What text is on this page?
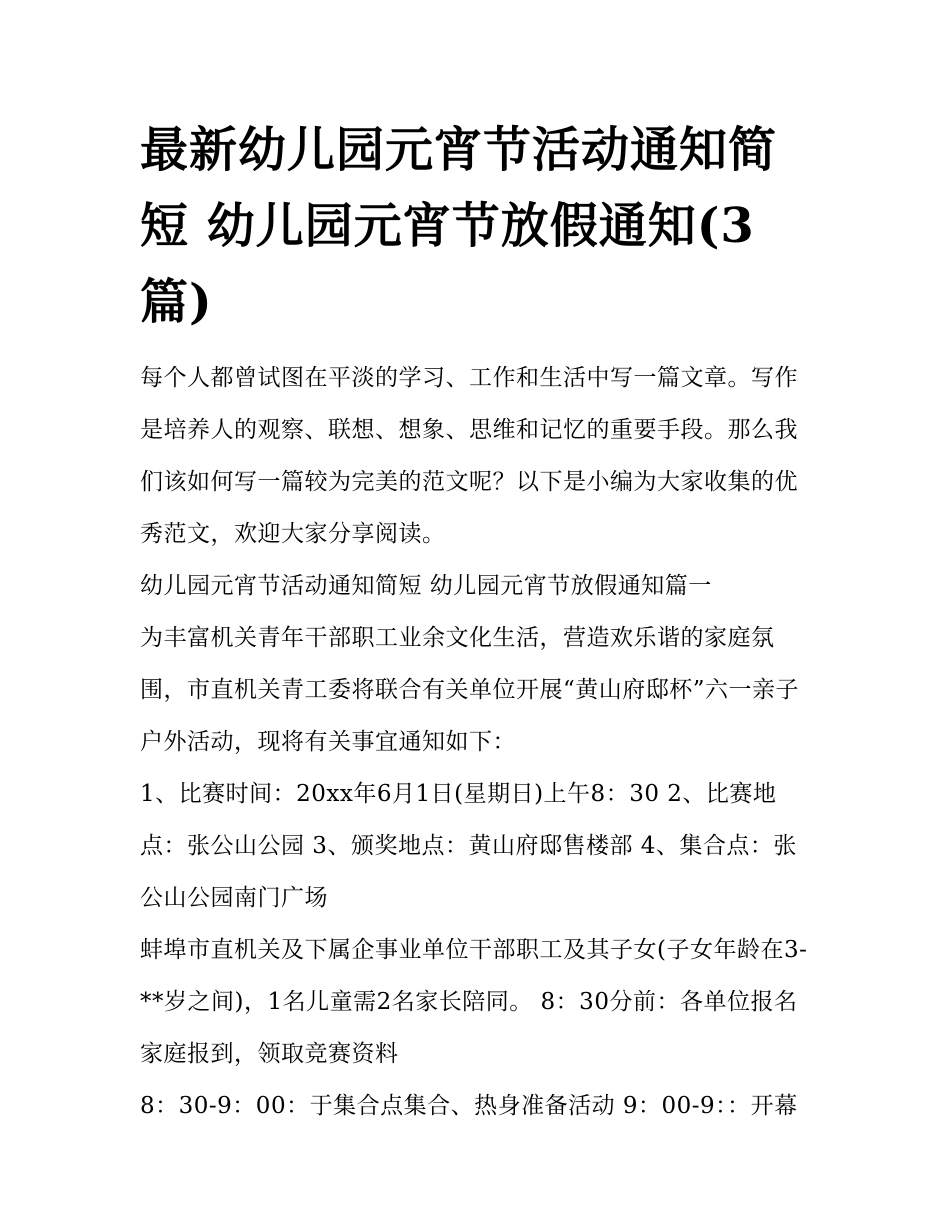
最新幼儿园元宵节活动通知简短 幼儿园元宵节放假通知(3篇)

每个人都曾试图在平淡的学习、工作和生活中写一篇文章。写作是培养人的观察、联想、想象、思维和记忆的重要手段。那么我们该如何写一篇较为完美的范文呢？以下是小编为大家收集的优秀范文，欢迎大家分享阅读。

幼儿园元宵节活动通知简短 幼儿园元宵节放假通知篇一

为丰富机关青年干部职工业余文化生活，营造欢乐谐的家庭氛围，市直机关青工委将联合有关单位开展“黄山府邸杯”六一亲子户外活动，现将有关事宜通知如下：

1、比赛时间：20xx年6月1日(星期日)上午8：30 2、比赛地点：张公山公园 3、颁奖地点：黄山府邸售楼部 4、集合点：张公山公园南门广场

蚌埠市直机关及下属企事业单位干部职工及其子女(子女年龄在3-**岁之间)，1名儿童需2名家长陪同。 8：30分前：各单位报名家庭报到，领取竞赛资料

8：30-9：00：于集合点集合、热身准备活动 9：00-9：：开幕
